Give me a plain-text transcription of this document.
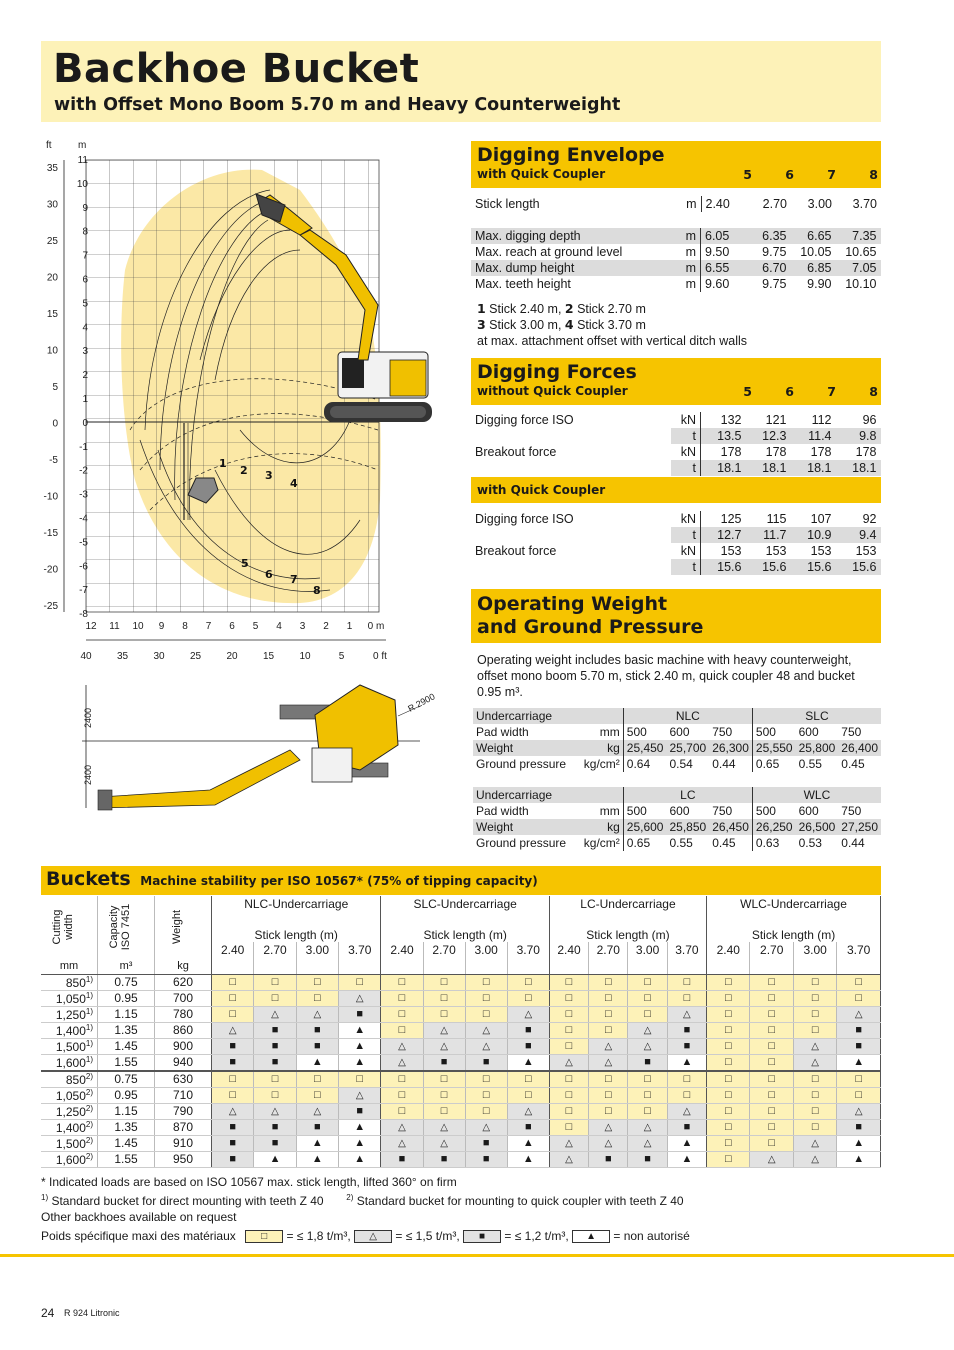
Backhoe Bucket
with Offset Mono Boom 5.70 m and Heavy Counterweight
ft	m
35
30
25
20
15
10
5
0
-5
-10
-15
-20
-25
11
10
9
8
7
6
5
4
3
2
1
0
-1
-2
-3
-4
-5
-6
-7
-8
12 11 10 9 8 7 6 5 4 3 2 1 0 m
40	35	30	25	20	15	10	5	0 ft
1
2 3
4
5
6 7
8
2400
2400
R 2900
Digging Envelope
with Quick Coupler	5	6	7	8
Stick length	m	2.40	2.70	3.00	3.70
Max. digging depth	m	6.05	6.35	6.65	7.35
Max. reach at ground level	m	9.50	9.75	10.05	10.65
Max. dump height	m	6.55	6.70	6.85	7.05
Max. teeth height	m	9.60	9.75	9.90	10.10
1 Stick 2.40 m, 2 Stick 2.70 m
3 Stick 3.00 m, 4 Stick 3.70 m
at max. attachment offset with vertical ditch walls
Digging Forces
without Quick Coupler	5	6	7	8
Digging force ISO	kN	132	121	112	96
	t	13.5	12.3	11.4	9.8
Breakout force	kN	178	178	178	178
	t	18.1	18.1	18.1	18.1
with Quick Coupler
Digging force ISO	kN	125	115	107	92
	t	12.7	11.7	10.9	9.4
Breakout force	kN	153	153	153	153
	t	15.6	15.6	15.6	15.6
Operating Weight
and Ground Pressure
Operating weight includes basic machine with heavy counterweight, offset mono boom 5.70 m, stick 2.40 m, quick coupler 48 and bucket 0.95 m³.
Undercarriage		NLC			SLC		
Pad width	mm	500	600	750	500	600	750
Weight	kg	25,450	25,700	26,300	25,550	25,800	26,400
Ground pressure	kg/cm²	0.64	0.54	0.44	0.65	0.55	0.45
Undercarriage		LC			WLC		
Pad width	mm	500	600	750	500	600	750
Weight	kg	25,600	25,850	26,450	26,250	26,500	27,250
Ground pressure	kg/cm²	0.65	0.55	0.45	0.63	0.53	0.44
Buckets Machine stability per ISO 10567* (75% of tipping capacity)
Cutting width	Capacity ISO 7451	Weight	NLC-Undercarriage				SLC-Undercarriage				LC-Undercarriage				WLC-Undercarriage			
			Stick length (m)				Stick length (m)				Stick length (m)				Stick length (m)			
			2.40	2.70	3.00	3.70	2.40	2.70	3.00	3.70	2.40	2.70	3.00	3.70	2.40	2.70	3.00	3.70
mm	m³	kg																
850$^{1)}$	0.75	620	□	□	□	□	□	□	□	□	□	□	□	□	□	□	□	□
1,050$^{1)}$	0.95	700	□	□	□	△	□	□	□	□	□	□	□	□	□	□	□	□
1,250$^{1)}$	1.15	780	□	△	△	■	□	□	□	△	□	□	□	△	□	□	□	△
1,400$^{1)}$	1.35	860	△	■	■	▲	□	△	△	■	□	□	△	■	□	□	□	■
1,500$^{1)}$	1.45	900	■	■	■	▲	△	△	△	■	□	△	△	■	□	□	△	■
1,600$^{1)}$	1.55	940	■	■	▲	▲	△	■	■	▲	△	△	■	▲	□	□	△	▲
850$^{2)}$	0.75	630	□	□	□	□	□	□	□	□	□	□	□	□	□	□	□	□
1,050$^{2)}$	0.95	710	□	□	□	△	□	□	□	□	□	□	□	□	□	□	□	□
1,250$^{2)}$	1.15	790	△	△	△	■	□	□	□	△	□	□	□	△	□	□	□	△
1,400$^{2)}$	1.35	870	■	■	■	▲	△	△	△	■	□	△	△	■	□	□	□	■
1,500$^{2)}$	1.45	910	■	■	▲	▲	△	△	■	▲	△	△	△	▲	□	□	△	▲
1,600$^{2)}$	1.55	950	■	▲	▲	▲	■	■	■	▲	△	■	■	▲	□	△	△	▲
* Indicated loads are based on ISO 10567 max. stick length, lifted 360° on firm
$^{1)}$ Standard bucket for direct mounting with teeth Z 40	$^{2)}$ Standard bucket for mounting to quick coupler with teeth Z 40
Other backhoes available on request
Poids spécifique maxi des matériaux	□ = ≤ 1,8 t/m³, △ = ≤ 1,5 t/m³, ■ = ≤ 1,2 t/m³, ▲ = non autorisé
24 R 924 Litronic
